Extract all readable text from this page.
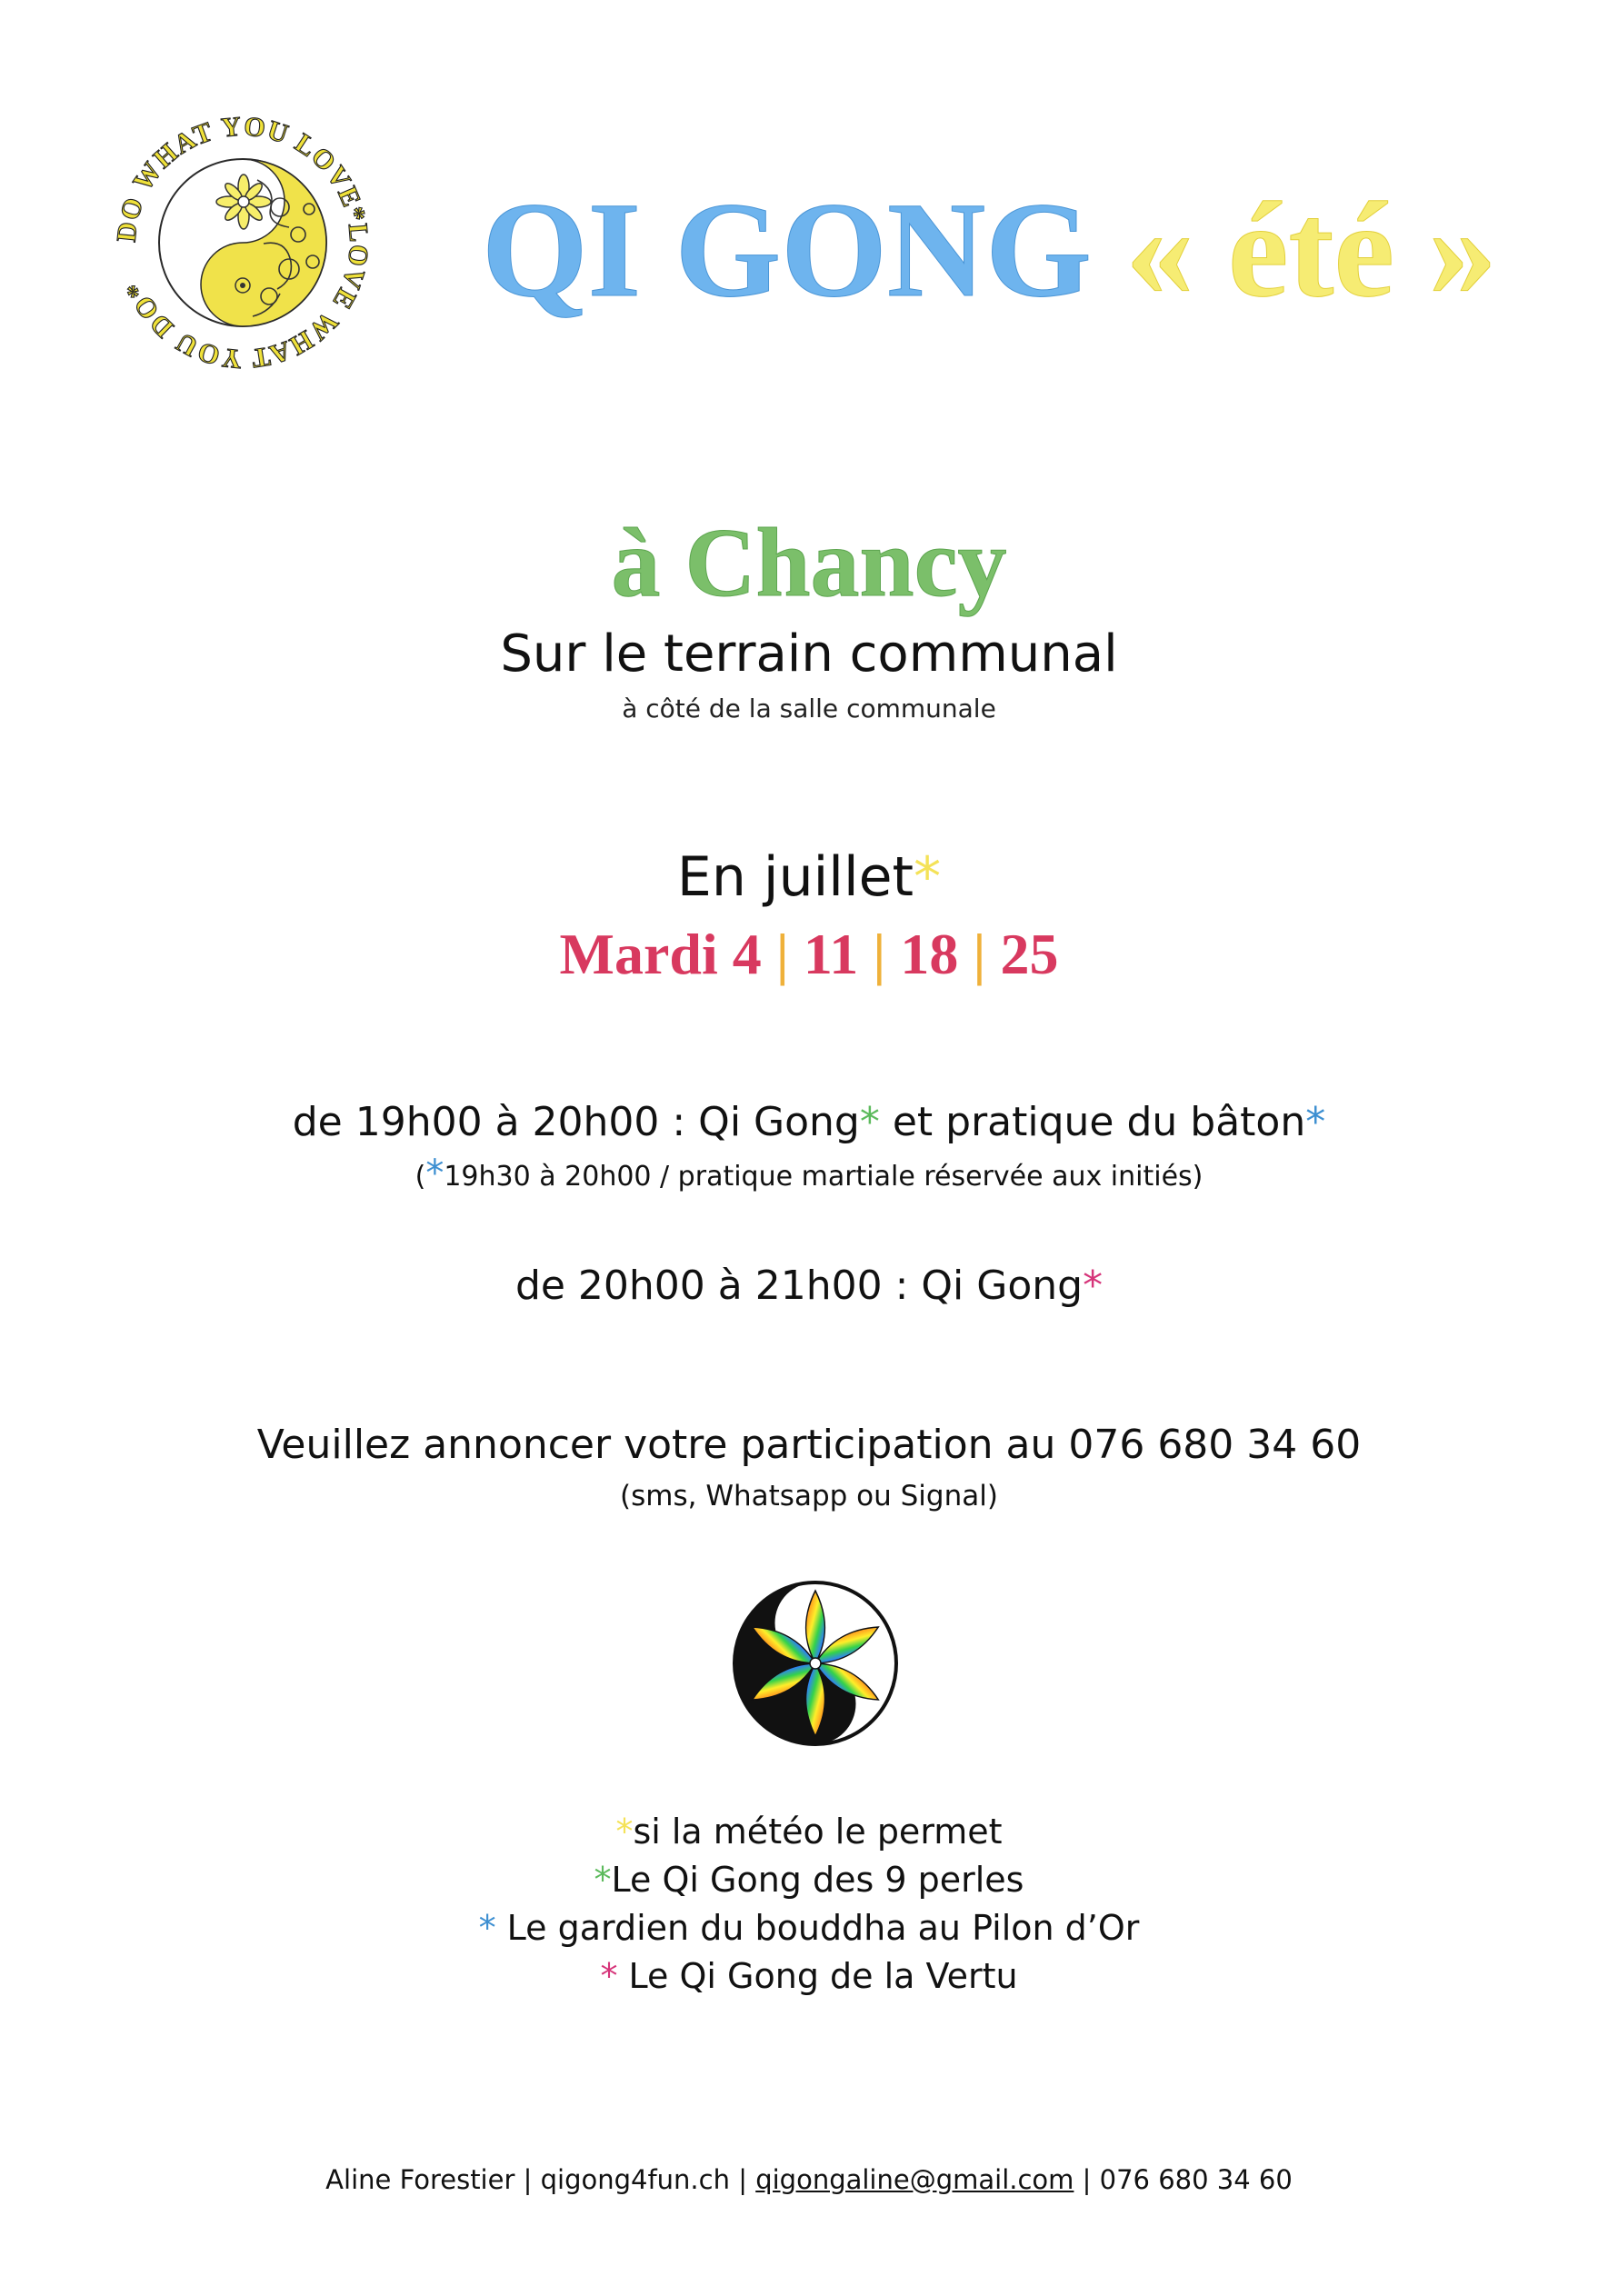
DO WHAT YOU LOVE*LOVE WHAT YOU DO*	QI GONG « été »
à Chancy
Sur le terrain communal
à côté de la salle communale
En juillet*
Mardi 4 | 11 | 18 | 25
de 19h00 à 20h00 : Qi Gong* et pratique du bâton*
(*19h30 à 20h00 / pratique martiale réservée aux initiés)
de 20h00 à 21h00 : Qi Gong*
Veuillez annoncer votre participation au 076 680 34 60
(sms, Whatsapp ou Signal)
*si la météo le permet
*Le Qi Gong des 9 perles
* Le gardien du bouddha au Pilon d’Or
* Le Qi Gong de la Vertu
Aline Forestier | qigong4fun.ch | qigongaline@gmail.com | 076 680 34 60
